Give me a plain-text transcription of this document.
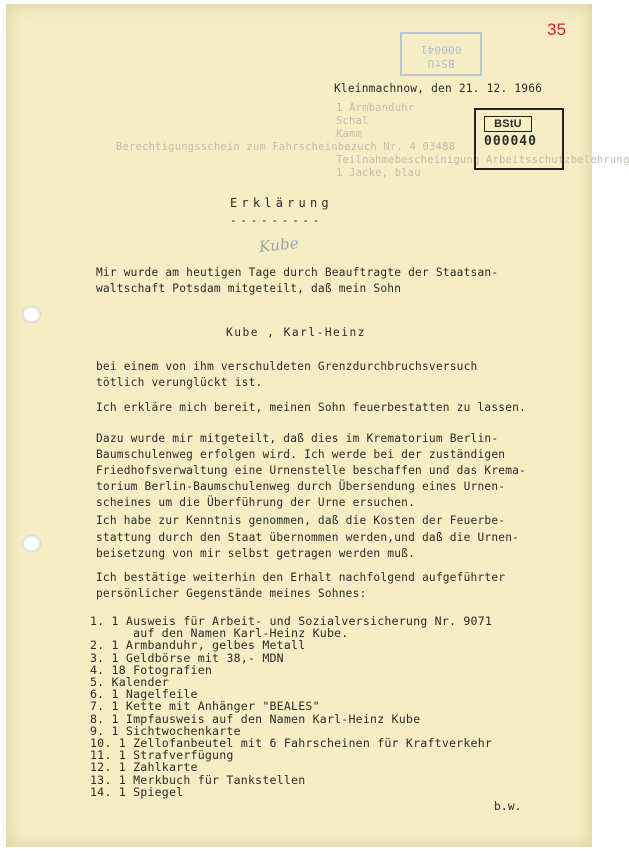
35
BStU
000041
1 Armbanduhr
Schal
Kamm
Berechtigungsschein zum Fahrscheinbezuch Nr. 4 03488
Teilnahmebescheinigung Arbeitsschutzbelehrung
1 Jacke, blau
Kleinmachnow, den 21. 12. 1966
BStU
000040
Erklärung
---------
Kube
Mir wurde am heutigen Tage durch Beauftragte der Staatsan-
waltschaft Potsdam mitgeteilt, daß mein Sohn
Kube , Karl-Heinz
bei einem von ihm verschuldeten Grenzdurchbruchsversuch
tötlich verunglückt ist.
Ich erkläre mich bereit, meinen Sohn feuerbestatten zu lassen.
Dazu wurde mir mitgeteilt, daß dies im Krematorium Berlin-
Baumschulenweg erfolgen wird. Ich werde bei der zuständigen
Friedhofsverwaltung eine Urnenstelle beschaffen und das Krema-
torium Berlin-Baumschulenweg durch Übersendung eines Urnen-
scheines um die Überführung der Urne ersuchen.
Ich habe zur Kenntnis genommen, daß die Kosten der Feuerbe-
stattung durch den Staat übernommen werden,und daß die Urnen-
beisetzung von mir selbst getragen werden muß.
Ich bestätige weiterhin den Erhalt nachfolgend aufgeführter
persönlicher Gegenstände meines Sohnes:
1. 1 Ausweis für Arbeit- und Sozialversicherung Nr. 9071
auf den Namen Karl-Heinz Kube.
2. 1 Armbanduhr, gelbes Metall
3. 1 Geldbörse mit 38,- MDN
4. 18 Fotografien
5. Kalender
6. 1 Nagelfeile
7. 1 Kette mit Anhänger "BEALES"
8. 1 Impfausweis auf den Namen Karl-Heinz Kube
9. 1 Sichtwochenkarte
10. 1 Zellofanbeutel mit 6 Fahrscheinen für Kraftverkehr
11. 1 Strafverfügung
12. 1 Zahlkarte
13. 1 Merkbuch für Tankstellen
14. 1 Spiegel
b.w.
